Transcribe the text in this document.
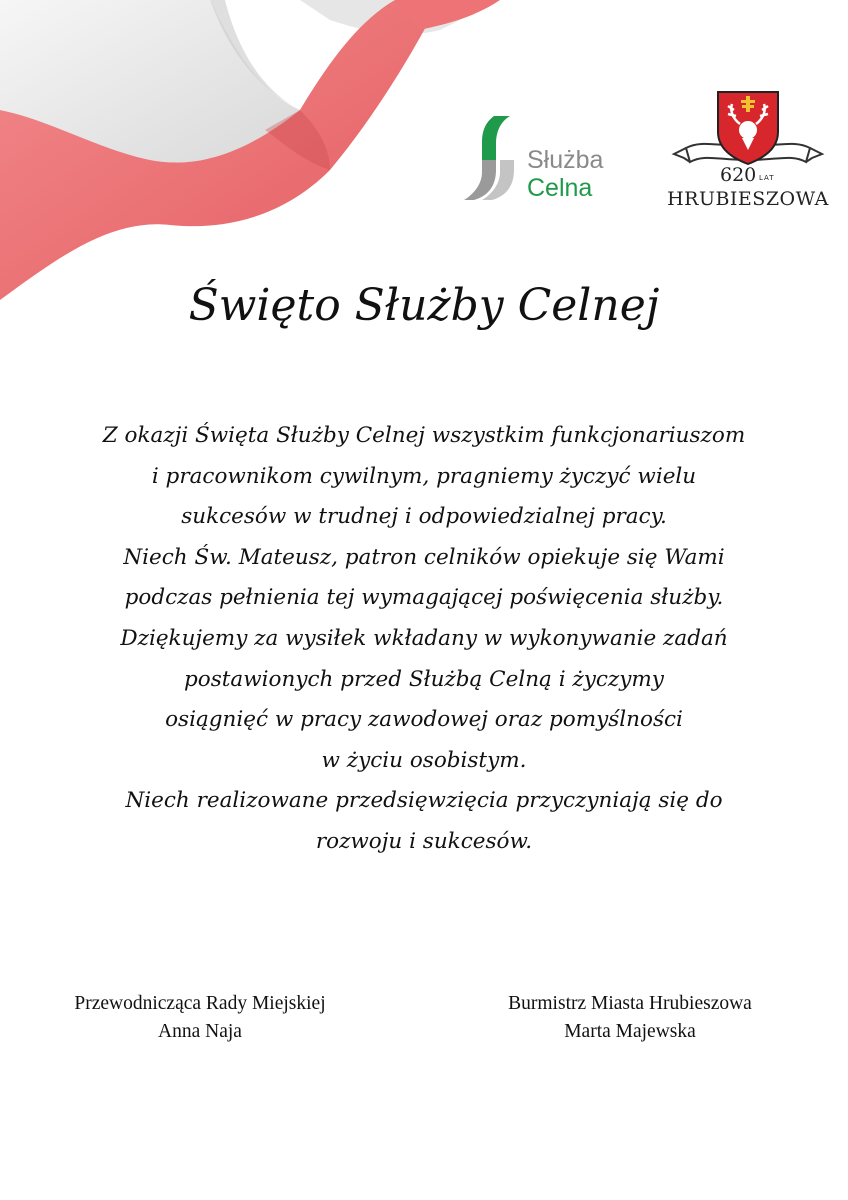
Służba
Celna	620 LAT
HRUBIESZOWA
Święto Służby Celnej
Z okazji Święta Służby Celnej wszystkim funkcjonariuszom
i pracownikom cywilnym, pragniemy życzyć wielu
sukcesów w trudnej i odpowiedzialnej pracy.
Niech Św. Mateusz, patron celników opiekuje się Wami
podczas pełnienia tej wymagającej poświęcenia służby.
Dziękujemy za wysiłek wkładany w wykonywanie zadań
postawionych przed Służbą Celną i życzymy
osiągnięć w pracy zawodowej oraz pomyślności
w życiu osobistym.
Niech realizowane przedsięwzięcia przyczyniają się do
rozwoju i sukcesów.
Przewodnicząca Rady Miejskiej
Anna Naja
Burmistrz Miasta Hrubieszowa
Marta Majewska
